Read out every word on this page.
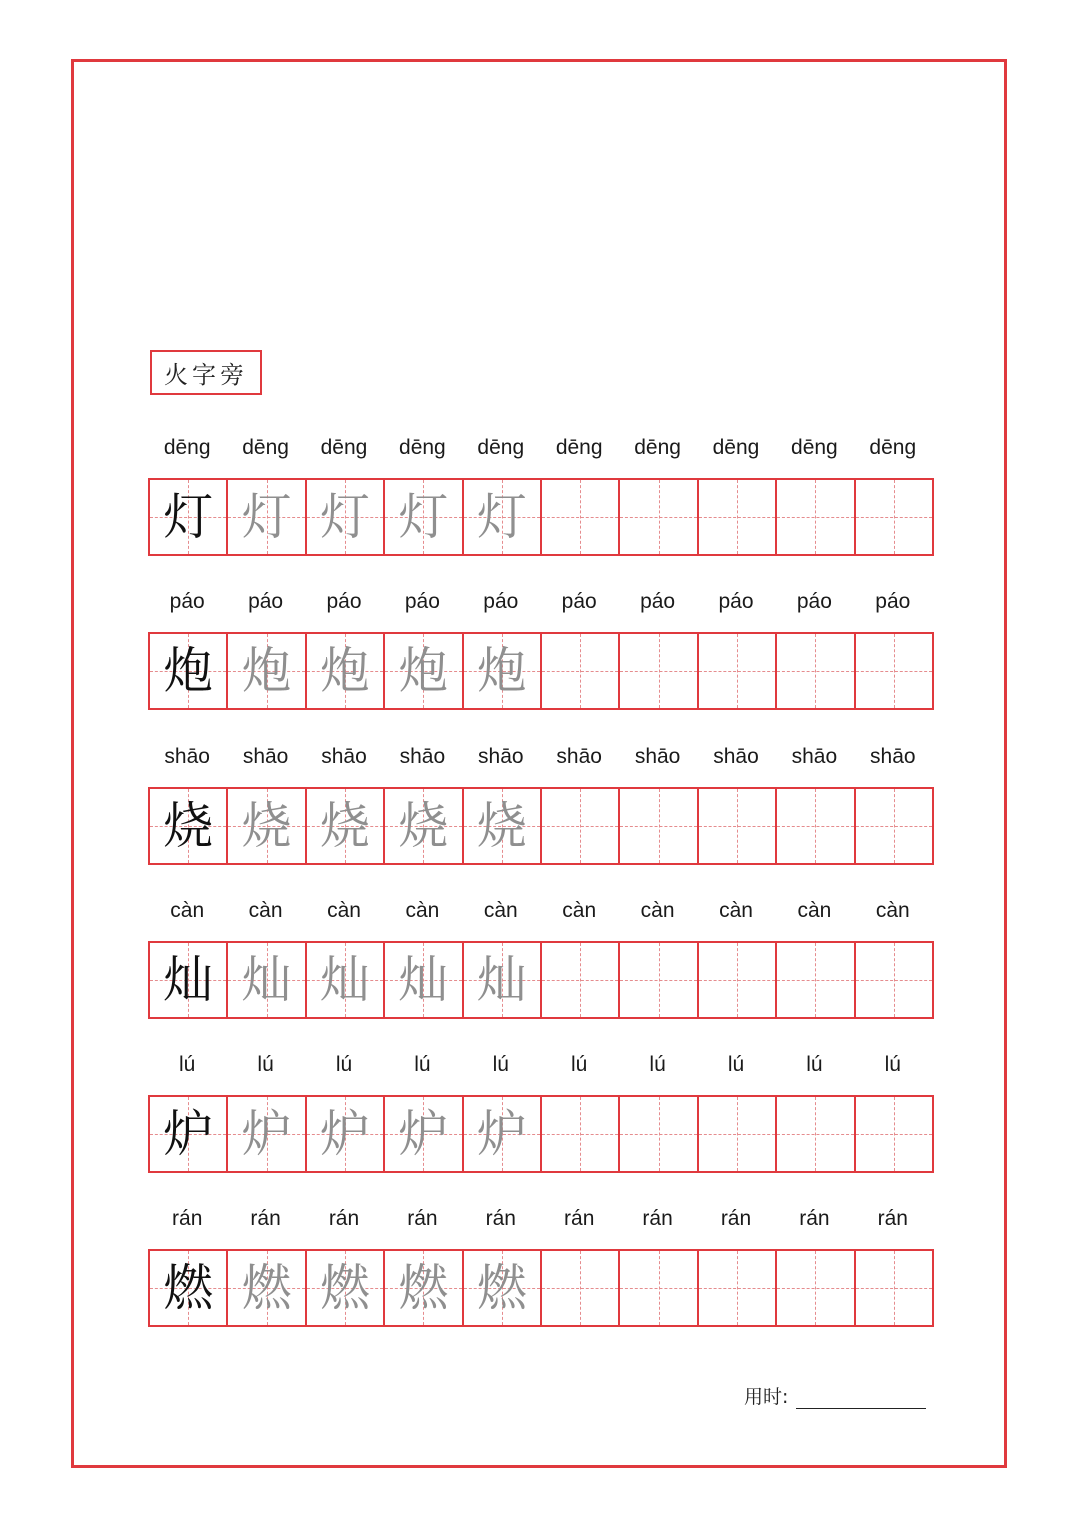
火字旁
dēng	dēng	dēng	dēng	dēng	dēng	dēng	dēng	dēng	dēng
灯 灯 灯 灯 灯
páo	páo	páo	páo	páo	páo	páo	páo	páo	páo
炮 炮 炮 炮 炮
shāo	shāo	shāo	shāo	shāo	shāo	shāo	shāo	shāo	shāo
烧 烧 烧 烧 烧
càn	càn	càn	càn	càn	càn	càn	càn	càn	càn
灿 灿 灿 灿 灿
lú	lú	lú	lú	lú	lú	lú	lú	lú	lú
炉 炉 炉 炉 炉
rán	rán	rán	rán	rán	rán	rán	rán	rán	rán
燃 燃 燃 燃 燃
用时:
